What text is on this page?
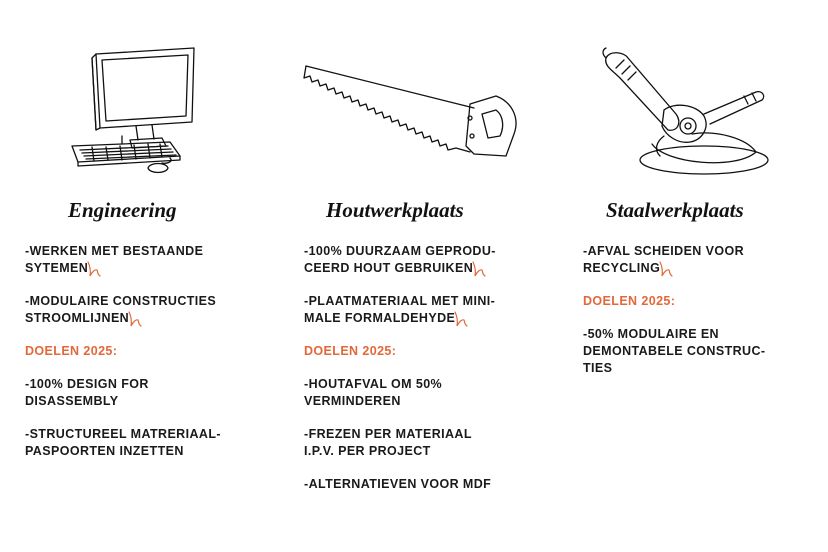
Engineering	Houtwerkplaats	Staalwerkplaats
-WERKEN MET BESTAANDE
SYTEMEN
-MODULAIRE CONSTRUCTIES
STROOMLIJNEN
DOELEN 2025:
-100% DESIGN FOR
DISASSEMBLY
-STRUCTUREEL MATRERIAAL-
PASPOORTEN INZETTEN
-100% DUURZAAM GEPRODU-
CEERD HOUT GEBRUIKEN
-PLAATMATERIAAL MET MINI-
MALE FORMALDEHYDE
DOELEN 2025:
-HOUTAFVAL OM 50%
VERMINDEREN
-FREZEN PER MATERIAAL
I.P.V. PER PROJECT
-ALTERNATIEVEN VOOR MDF
-AFVAL SCHEIDEN VOOR
RECYCLING
DOELEN 2025:
-50% MODULAIRE EN
DEMONTABELE CONSTRUC-
TIES
